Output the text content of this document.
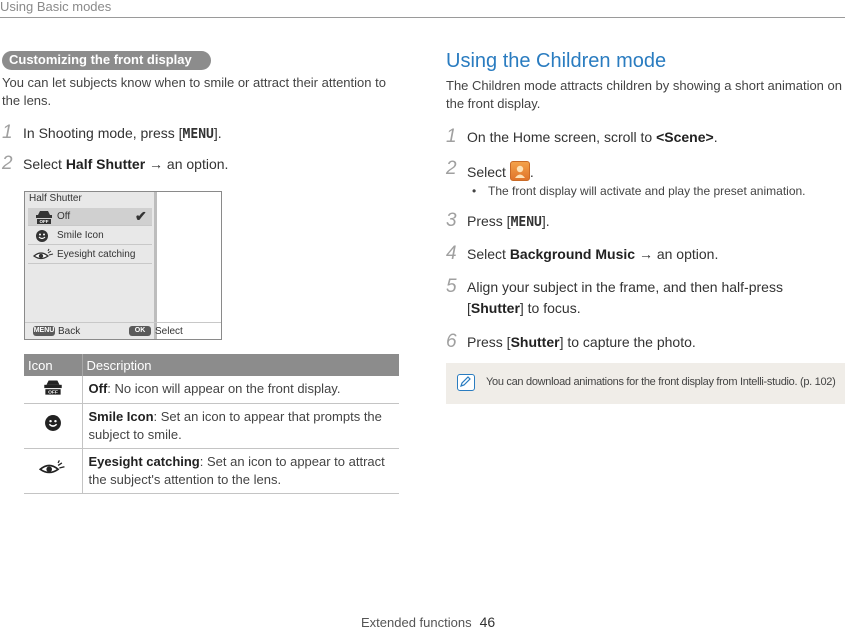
Using Basic modes
Customizing the front display
You can let subjects know when to smile or attract their attention to the lens.
1 In Shooting mode, press [MENU].
2 Select Half Shutter → an option.
Half Shutter
OFF Off	✔
Smile Icon
Eyesight catching
MENU Back	OK Select
Icon	Description

OFF	Off: No icon will appear on the front display.
	Smile Icon: Set an icon to appear that prompts the subject to smile.
	Eyesight catching: Set an icon to appear to attract the subject's attention to the lens.
Using the Children mode
The Children mode attracts children by showing a short animation on the front display.
1 On the Home screen, scroll to <Scene>.
2 Select
.
• The front display will activate and play the preset animation.
3 Press [MENU].
4 Select Background Music → an option.
5 Align your subject in the frame, and then half-press
[Shutter] to focus.
6 Press [Shutter] to capture the photo.
You can download animations for the front display from Intelli-studio. (p. 102)
Extended functions 46
